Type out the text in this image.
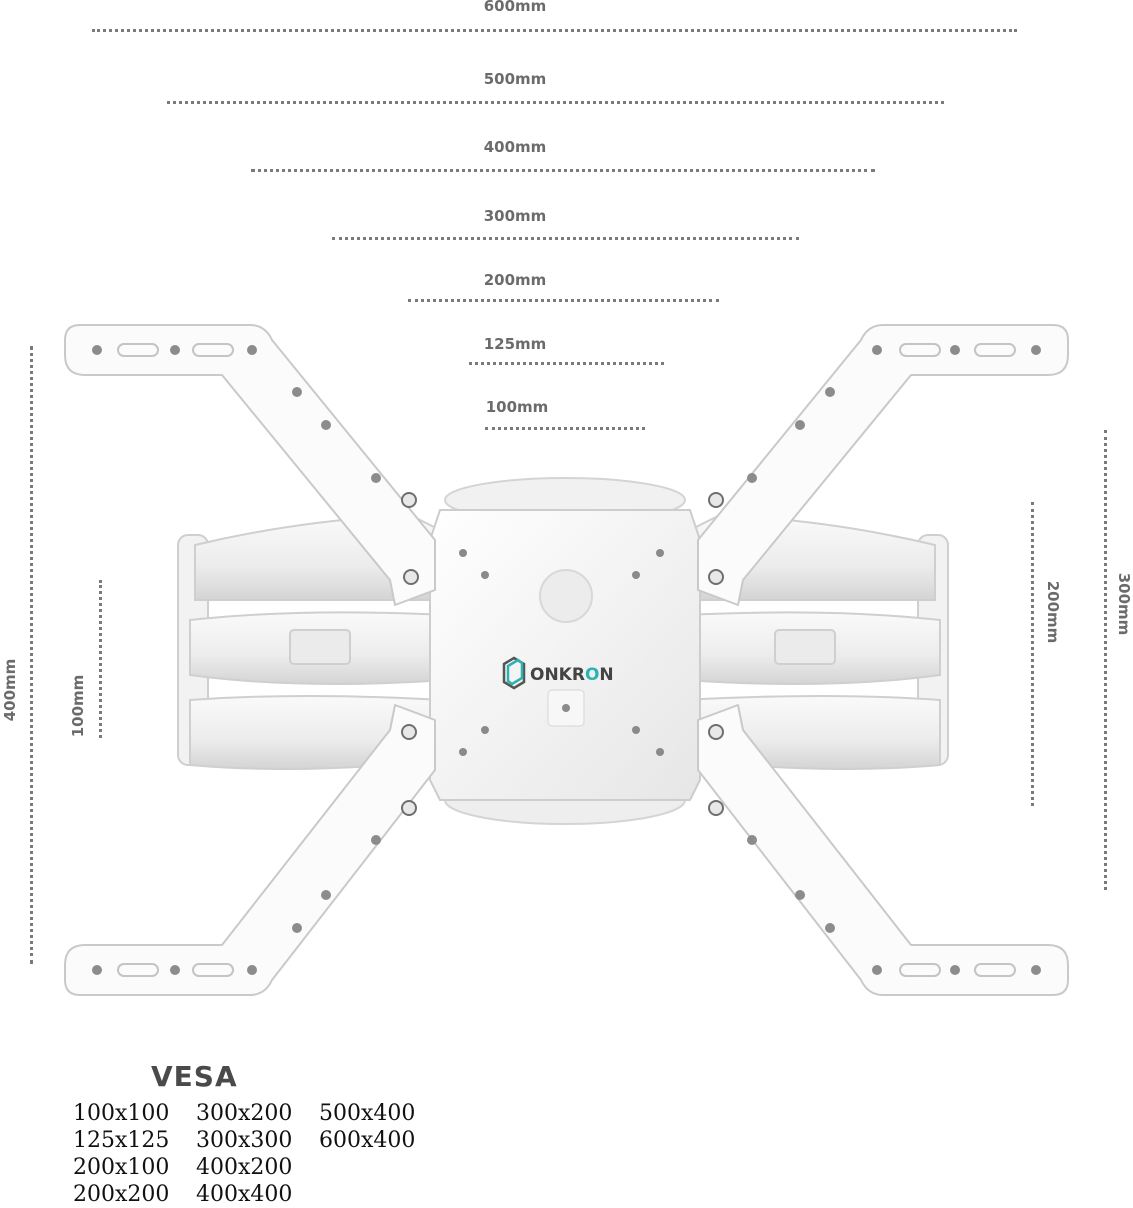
600mm
500mm
400mm
300mm
200mm
125mm
100mm
400mm	100mm
200mm	300mm
ONKRON
VESA
100x100
125x125
200x100
200x200
300x200
300x300
400x200
400x400
500x400
600x400
